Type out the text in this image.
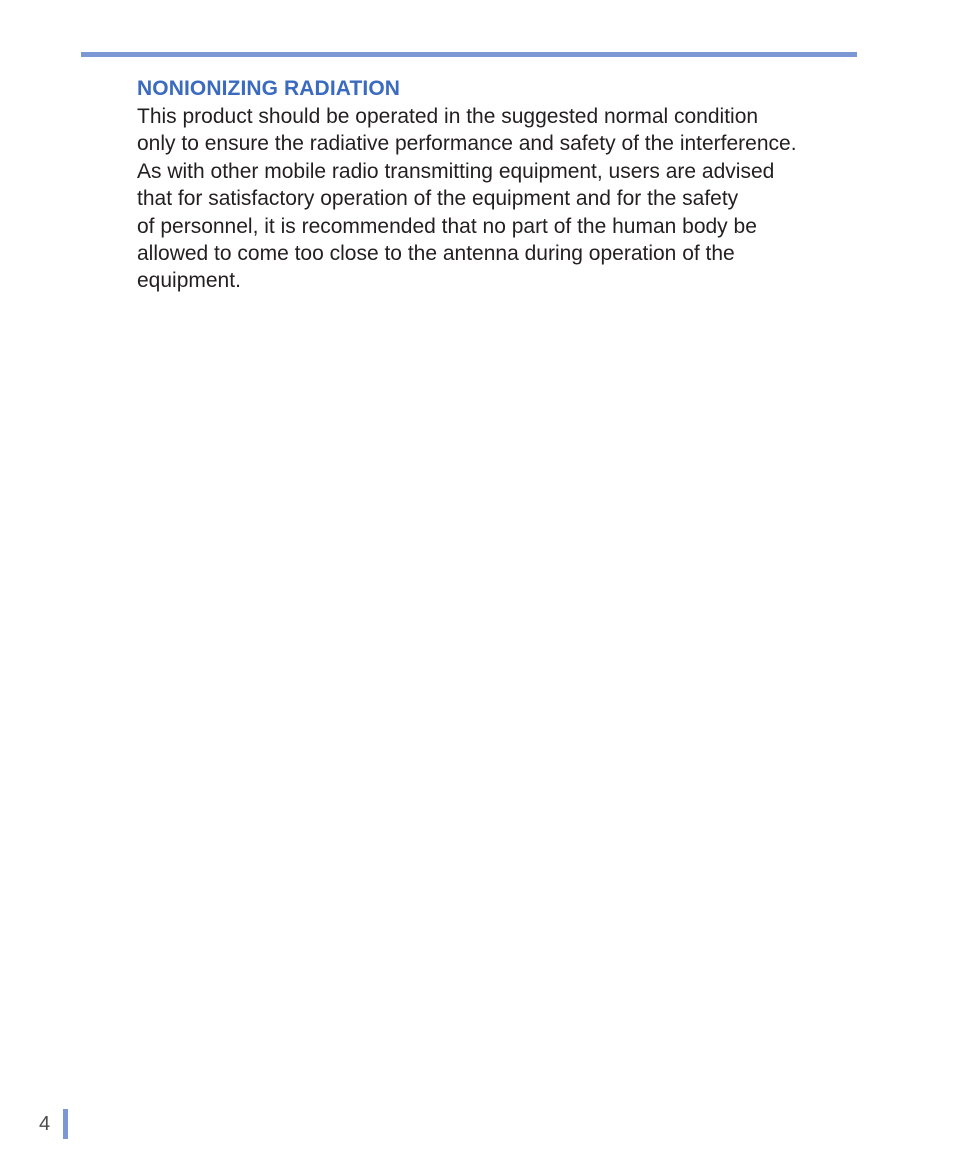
NONIONIZING RADIATION

This product should be operated in the suggested normal condition
only to ensure the radiative performance and safety of the interference.
As with other mobile radio transmitting equipment, users are advised
that for satisfactory operation of the equipment and for the safety
of personnel, it is recommended that no part of the human body be
allowed to come too close to the antenna during operation of the
equipment.

4
